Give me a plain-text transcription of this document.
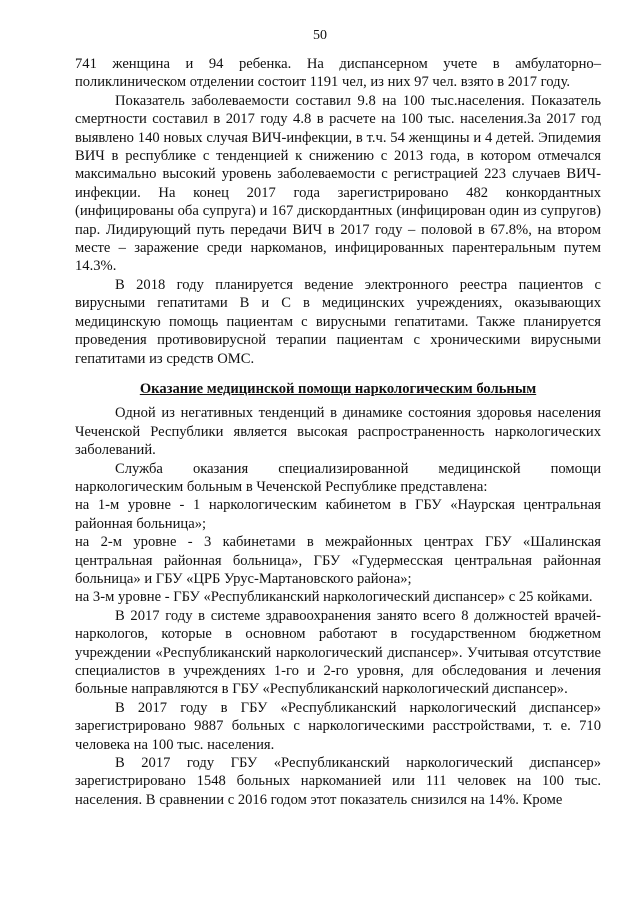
50

741 женщина и 94 ребенка. На диспансерном учете в амбулаторно–поликлиническом отделении состоит 1191 чел, из них 97 чел. взято в 2017 году.

Показатель заболеваемости составил 9.8 на 100 тыс.населения. Показатель смертности составил в 2017 году 4.8 в расчете на 100 тыс. населения.За 2017 год выявлено 140 новых случая ВИЧ-инфекции, в т.ч. 54 женщины и 4 детей. Эпидемия ВИЧ в республике с тенденцией к снижению с 2013 года, в котором отмечался максимально высокий уровень заболеваемости с регистрацией 223 случаев ВИЧ-инфекции. На конец 2017 года зарегистрировано 482 конкордантных (инфицированы оба супруга) и 167 дискордантных (инфицирован один из супругов) пар. Лидирующий путь передачи ВИЧ в 2017 году – половой в 67.8%, на втором месте – заражение среди наркоманов, инфицированных парентеральным путем 14.3%.

В 2018 году планируется ведение электронного реестра пациентов с вирусными гепатитами В и С в медицинских учреждениях, оказывающих медицинскую помощь пациентам с вирусными гепатитами. Также планируется проведения противовирусной терапии пациентам с хроническими вирусными гепатитами из средств ОМС.

Оказание медицинской помощи наркологическим больным

Одной из негативных тенденций в динамике состояния здоровья населения Чеченской Республики является высокая распространенность наркологических заболеваний.

Служба оказания специализированной медицинской помощи наркологическим больным в Чеченской Республике представлена:

на 1-м уровне - 1 наркологическим кабинетом в ГБУ «Наурская центральная районная больница»;

на 2-м уровне - 3 кабинетами в межрайонных центрах ГБУ «Шалинская центральная районная больница», ГБУ «Гудермесская центральная районная больница» и ГБУ «ЦРБ Урус-Мартановского района»;

на 3-м уровне - ГБУ «Республиканский наркологический диспансер» с 25 койками.

В 2017 году в системе здравоохранения занято всего 8 должностей врачей-наркологов, которые в основном работают в государственном бюджетном учреждении «Республиканский наркологический диспансер». Учитывая отсутствие специалистов в учреждениях 1-го и 2-го уровня, для обследования и лечения больные направляются в ГБУ «Республиканский наркологический диспансер».

В 2017 году в ГБУ «Республиканский наркологический диспансер» зарегистрировано 9887 больных с наркологическими расстройствами, т. е. 710 человека на 100 тыс. населения.

В 2017 году ГБУ «Республиканский наркологический диспансер» зарегистрировано 1548 больных наркоманией или 111 человек на 100 тыс. населения. В сравнении с 2016 годом этот показатель снизился на 14%. Кроме
